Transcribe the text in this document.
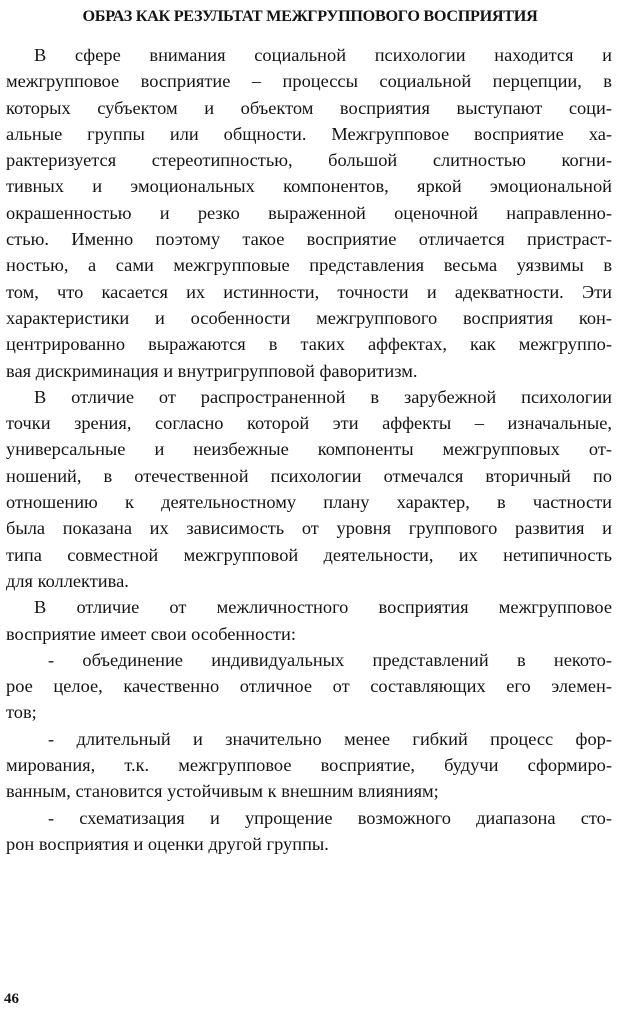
ОБРАЗ КАК РЕЗУЛЬТАТ МЕЖГРУППОВОГО ВОСПРИЯТИЯ

В сфере внимания социальной психологии находится и
межгрупповое восприятие – процессы социальной перцепции, в
которых субъектом и объектом восприятия выступают соци-
альные группы или общности. Межгрупповое восприятие ха-
рактеризуется стереотипностью, большой слитностью когни-
тивных и эмоциональных компонентов, яркой эмоциональной
окрашенностью и резко выраженной оценочной направленно-
стью. Именно поэтому такое восприятие отличается пристраст-
ностью, а сами межгрупповые представления весьма уязвимы в
том, что касается их истинности, точности и адекватности. Эти
характеристики и особенности межгруппового восприятия кон-
центрированно выражаются в таких аффектах, как межгруппо-
вая дискриминация и внутригрупповой фаворитизм.

В отличие от распространенной в зарубежной психологии
точки зрения, согласно которой эти аффекты – изначальные,
универсальные и неизбежные компоненты межгрупповых от-
ношений, в отечественной психологии отмечался вторичный по
отношению к деятельностному плану характер, в частности
была показана их зависимость от уровня группового развития и
типа совместной межгрупповой деятельности, их нетипичность
для коллектива.

В отличие от межличностного восприятия межгрупповое
восприятие имеет свои особенности:

- объединение индивидуальных представлений в некото-
рое целое, качественно отличное от составляющих его элемен-
тов;

- длительный и значительно менее гибкий процесс фор-
мирования, т.к. межгрупповое восприятие, будучи сформиро-
ванным, становится устойчивым к внешним влияниям;

- схематизация и упрощение возможного диапазона сто-
рон восприятия и оценки другой группы.

46
